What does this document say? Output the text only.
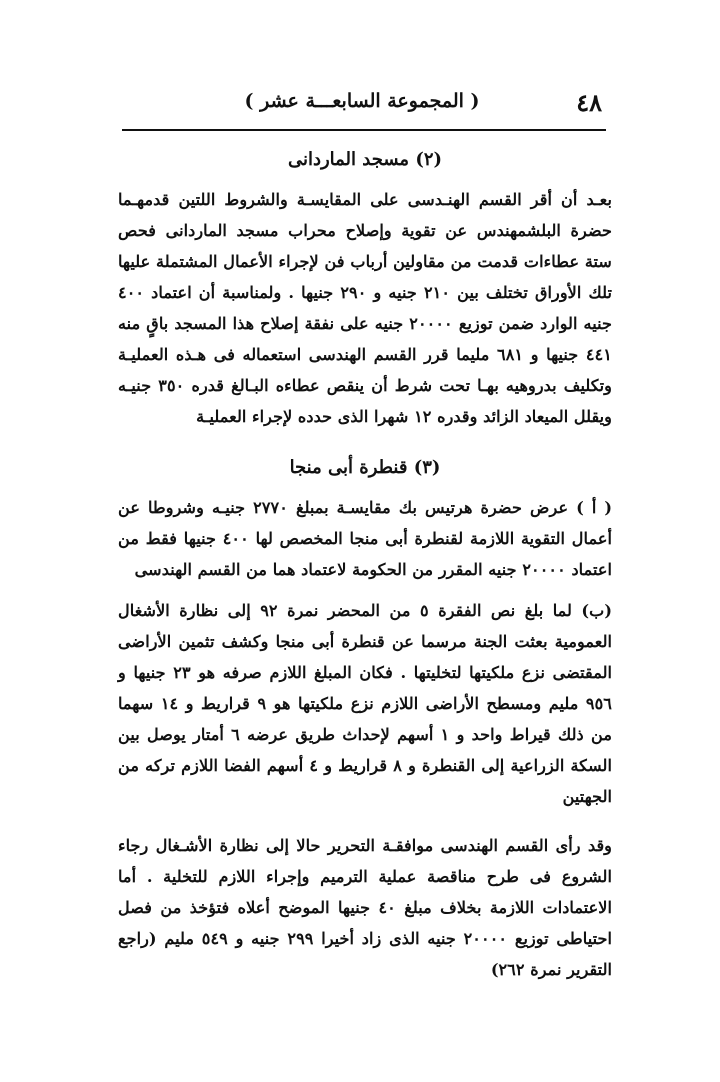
٤٨
( المجموعة السابعـــة عشر )
(٢) مسجد الماردانى

بعـد أن أقر القسم الهنـدسى على المقايسـة والشروط اللتين قدمهـما حضرة البلشمهندس عن تقوية وإصلاح محراب مسجد الماردانى فحص ستة عطاءات قدمت من مقاولين أرباب فن لإجراء الأعمال المشتملة عليها تلك الأوراق تختلف بين ٢١٠ جنيه و ٢٩٠ جنيها . ولمناسبة أن اعتماد ٤٠٠ جنيه الوارد ضمن توزيع ٢٠٠٠٠ جنيه على نفقة إصلاح هذا المسجد باقٍ منه ٤٤١ جنيها و ٦٨١ مليما قرر القسم الهندسى استعماله فى هـذه العمليـة وتكليف بدروهيه بهـا تحت شرط أن ينقص عطاءه البـالغ قدره ٣٥٠ جنيـه ويقلل الميعاد الزائد وقدره ١٢ شهرا الذى حدده لإجراء العمليـة

(٣) قنطرة أبى منجا

( أ ) عرض حضرة هرتيس بك مقايسـة بمبلغ ٢٧٧٠ جنيـه وشروطا عن أعمال التقوية اللازمة لقنطرة أبى منجا المخصص لها ٤٠٠ جنيها فقط من اعتماد ٢٠٠٠٠ جنيه المقرر من الحكومة لاعتماد هما من القسم الهندسى

(ب) لما بلغ نص الفقرة ٥ من المحضر نمرة ٩٢ إلى نظارة الأشغال العمومية بعثت الجنة مرسما عن قنطرة أبى منجا وكشف تثمين الأراضى المقتضى نزع ملكيتها لتخليتها . فكان المبلغ اللازم صرفه هو ٢٣ جنيها و ٩٥٦ مليم ومسطح الأراضى اللازم نزع ملكيتها هو ٩ قراريط و ١٤ سهما من ذلك قيراط واحد و ١ أسهم لإحداث طريق عرضه ٦ أمتار يوصل بين السكة الزراعية إلى القنطرة و ٨ قراريط و ٤ أسهم الفضا اللازم تركه من الجهتين

وقد رأى القسم الهندسى موافقـة التحرير حالا إلى نظارة الأشـغال رجاء الشروع فى طرح مناقصة عملية الترميم وإجراء اللازم للتخلية . أما الاعتمادات اللازمة بخلاف مبلغ ٤٠ جنيها الموضح أعلاه فتؤخذ من فصل احتياطى توزيع ٢٠٠٠٠ جنيه الذى زاد أخيرا ٢٩٩ جنيه و ٥٤٩ مليم (راجع التقرير نمرة ٢٦٢)
